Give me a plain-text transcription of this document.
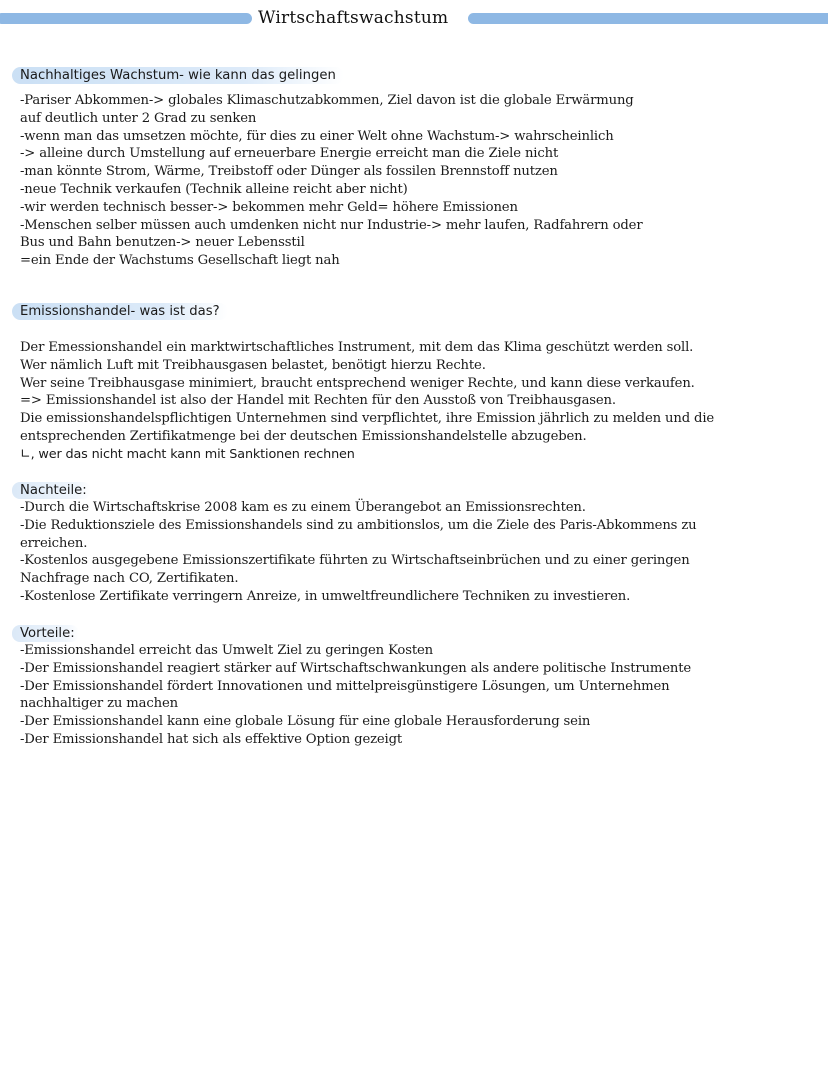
Wirtschaftswachstum
Nachhaltiges Wachstum- wie kann das gelingen
-Pariser Abkommen-> globales Klimaschutzabkommen, Ziel davon ist die globale Erwärmung
auf deutlich unter 2 Grad zu senken
-wenn man das umsetzen möchte, für dies zu einer Welt ohne Wachstum-> wahrscheinlich
-> alleine durch Umstellung auf erneuerbare Energie erreicht man die Ziele nicht
-man könnte Strom, Wärme, Treibstoff oder Dünger als fossilen Brennstoff nutzen
-neue Technik verkaufen (Technik alleine reicht aber nicht)
-wir werden technisch besser-> bekommen mehr Geld= höhere Emissionen
-Menschen selber müssen auch umdenken nicht nur Industrie-> mehr laufen, Radfahrern oder
Bus und Bahn benutzen-> neuer Lebensstil
=ein Ende der Wachstums Gesellschaft liegt nah
Emissionshandel- was ist das?
Der Emessionshandel ein marktwirtschaftliches Instrument, mit dem das Klima geschützt werden soll.
Wer nämlich Luft mit Treibhausgasen belastet, benötigt hierzu Rechte.
Wer seine Treibhausgase minimiert, braucht entsprechend weniger Rechte, und kann diese verkaufen.
=> Emissionshandel ist also der Handel mit Rechten für den Ausstoß von Treibhausgasen.
Die emissionshandelspflichtigen Unternehmen sind verpflichtet, ihre Emission jährlich zu melden und die
entsprechenden Zertifikatmenge bei der deutschen Emissionshandelstelle abzugeben.
∟, wer das nicht macht kann mit Sanktionen rechnen
Nachteile:
-Durch die Wirtschaftskrise 2008 kam es zu einem Überangebot an Emissionsrechten.
-Die Reduktionsziele des Emissionshandels sind zu ambitionslos, um die Ziele des Paris-Abkommens zu
erreichen.
-Kostenlos ausgegebene Emissionszertifikate führten zu Wirtschaftseinbrüchen und zu einer geringen
Nachfrage nach CO, Zertifikaten.
-Kostenlose Zertifikate verringern Anreize, in umweltfreundlichere Techniken zu investieren.
Vorteile:
-Emissionshandel erreicht das Umwelt Ziel zu geringen Kosten
-Der Emissionshandel reagiert stärker auf Wirtschaftschwankungen als andere politische Instrumente
-Der Emissionshandel fördert Innovationen und mittelpreisgünstigere Lösungen, um Unternehmen
nachhaltiger zu machen
-Der Emissionshandel kann eine globale Lösung für eine globale Herausforderung sein
-Der Emissionshandel hat sich als effektive Option gezeigt
